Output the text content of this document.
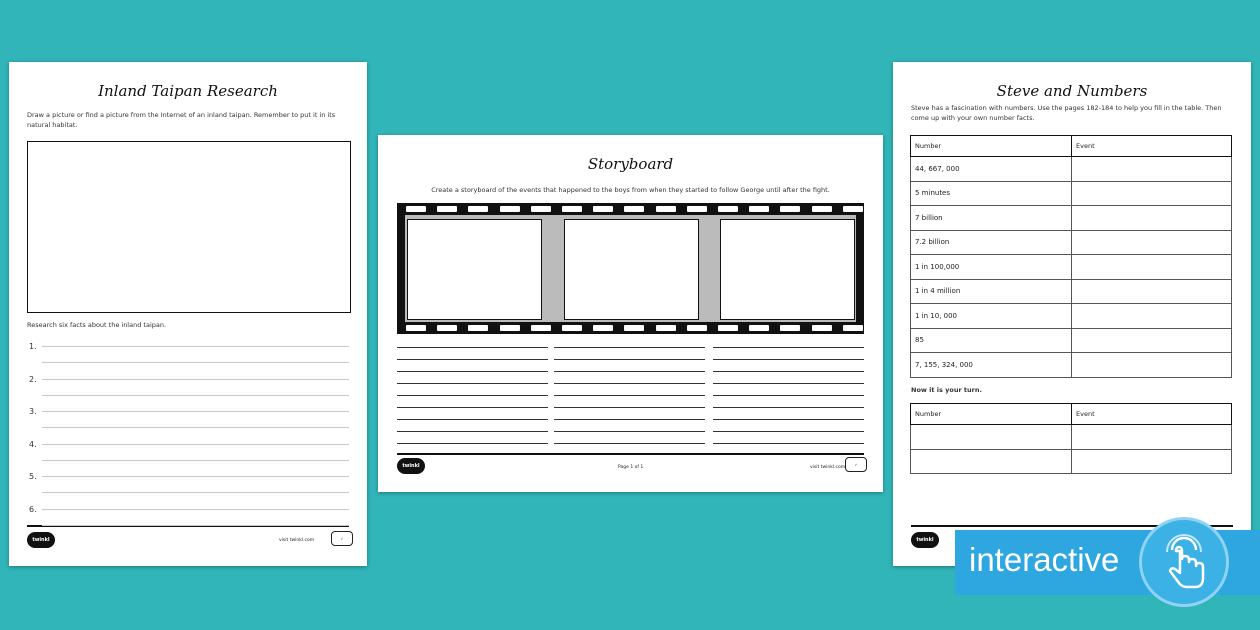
Inland Taipan Research
Draw a picture or find a picture from the Internet of an inland taipan. Remember to put it in its natural habitat.
Research six facts about the inland taipan.
twinkl	visit twinkl.com	✓
1.
2.
3.
4.
5.
6.
Storyboard
Create a storyboard of the events that happened to the boys from when they started to follow George until after the fight.
twinkl	Page 1 of 1	visit twinkl.com
✓
Steve and Numbers
Steve has a fascination with numbers. Use the pages 182-184 to help you fill in the table. Then come up with your own number facts.
Number	Event
44, 667, 000	
5 minutes	
7 billion	
7.2 billion	
1 in 100,000	
1 in 4 million	
1 in 10, 000	
85	
7, 155, 324, 000	
Now it is your turn.
Number	Event

twinkl
interactive
